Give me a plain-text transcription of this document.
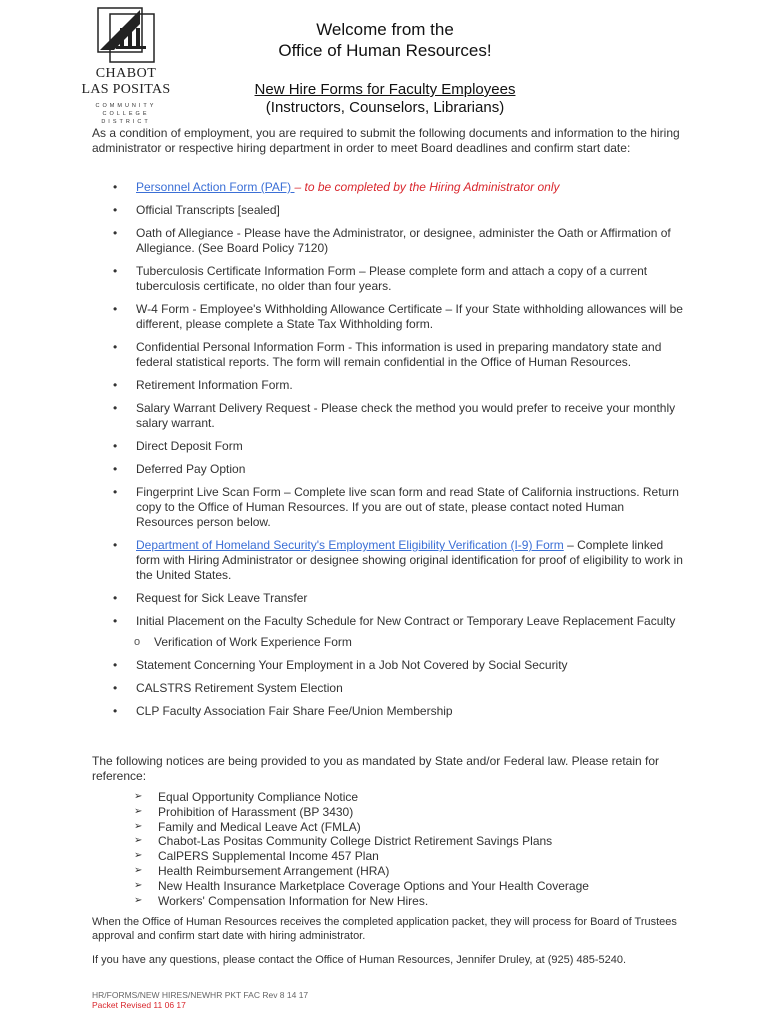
CHABOT
LAS POSITAS
COMMUNITY
COLLEGE
DISTRICT
Welcome from the
Office of Human Resources!
New Hire Forms for Faculty Employees
(Instructors, Counselors, Librarians)
As a condition of employment, you are required to submit the following documents and information to the hiring administrator or respective hiring department in order to meet Board deadlines and confirm start date:
• Personnel Action Form (PAF) – to be completed by the Hiring Administrator only
• Official Transcripts [sealed]
• Oath of Allegiance - Please have the Administrator, or designee, administer the Oath or Affirmation of Allegiance. (See Board Policy 7120)
• Tuberculosis Certificate Information Form – Please complete form and attach a copy of a current tuberculosis certificate, no older than four years.
• W-4 Form - Employee's Withholding Allowance Certificate – If your State withholding allowances will be different, please complete a State Tax Withholding form.
• Confidential Personal Information Form - This information is used in preparing mandatory state and federal statistical reports. The form will remain confidential in the Office of Human Resources.
• Retirement Information Form.
• Salary Warrant Delivery Request - Please check the method you would prefer to receive your monthly salary warrant.
• Direct Deposit Form
• Deferred Pay Option
• Fingerprint Live Scan Form – Complete live scan form and read State of California instructions. Return copy to the Office of Human Resources. If you are out of state, please contact noted Human Resources person below.
• Department of Homeland Security's Employment Eligibility Verification (I-9) Form – Complete linked form with Hiring Administrator or designee showing original identification for proof of eligibility to work in the United States.
• Request for Sick Leave Transfer
• Initial Placement on the Faculty Schedule for New Contract or Temporary Leave Replacement Faculty
o Verification of Work Experience Form
• Statement Concerning Your Employment in a Job Not Covered by Social Security
• CALSTRS Retirement System Election
• CLP Faculty Association Fair Share Fee/Union Membership
The following notices are being provided to you as mandated by State and/or Federal law. Please retain for reference:
➢ Equal Opportunity Compliance Notice
➢ Prohibition of Harassment (BP 3430)
➢ Family and Medical Leave Act (FMLA)
➢ Chabot-Las Positas Community College District Retirement Savings Plans
➢ CalPERS Supplemental Income 457 Plan
➢ Health Reimbursement Arrangement (HRA)
➢ New Health Insurance Marketplace Coverage Options and Your Health Coverage
➢ Workers' Compensation Information for New Hires.
When the Office of Human Resources receives the completed application packet, they will process for Board of Trustees approval and confirm start date with hiring administrator.
If you have any questions, please contact the Office of Human Resources, Jennifer Druley, at (925) 485-5240.
HR/FORMS/NEW HIRES/NEWHR PKT FAC Rev 8 14 17
Packet Revised 11 06 17
